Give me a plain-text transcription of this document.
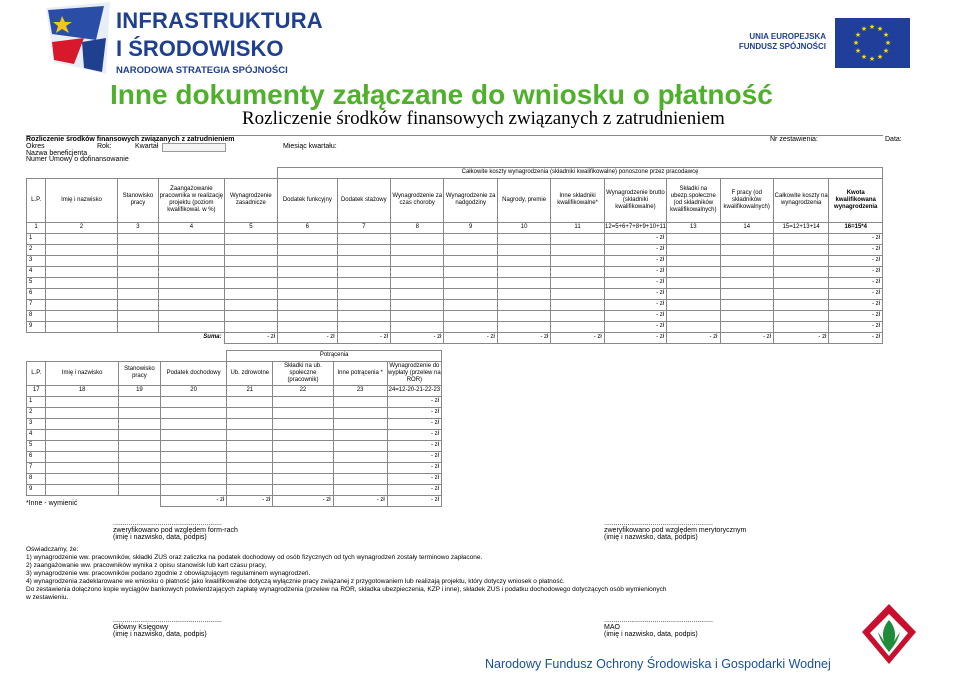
INFRASTRUKTURA
I ŚRODOWISKO
NARODOWA STRATEGIA SPÓJNOŚCI
UNIA EUROPEJSKA
FUNDUSZ SPÓJNOŚCI
★ ★
★
★
★
★
★
★
★
★
★
★
Inne dokumenty załączane do wniosku o płatność
Rozliczenie środków finansowych związanych z zatrudnieniem
Rozliczenie środków finansowych związanych z zatrudnieniem
Okres	Rok:	Kwartał	Miesiąc kwartału:
Nr zestawienia:	Data:
Nazwa beneficjenta
Numer Umowy o dofinansowanie
					Całkowite koszty wynagrodzenia (składniki kwalifikowalne) ponoszone przez pracodawcę										
L.P.	Imię i nazwisko	Stanowisko pracy	Zaangażowanie pracownika w realizację projektu (poziom kwalifikowal. w %)	Wynagrodzenie zasadnicze	Dodatek funkcyjny	Dodatek stażowy	Wynagrodzenie za czas choroby	Wynagrodzenie za nadgodziny	Nagrody, premie	Inne składniki kwalifikowalne*	Wynagrodzenie brutto (składniki kwalifikowalne)	Składki na ubezp.społeczne (od składników kwalifikowalnych)	F pracy (od składników kwalifikowalnych)	Całkowite koszty na wynagrodzenia	Kwota kwalifikowana wynagrodzenia
1	2	3	4	5	6	7	8	9	10	11	12=5+6+7+8+9+10+11	13	14	15=12+13+14	16=15*4
1											- zł				- zł
2											- zł				- zł
3											- zł				- zł
4											- zł				- zł
5											- zł				- zł
6											- zł				- zł
7											- zł				- zł
8											- zł				- zł
9											- zł				- zł
			Suma:	- zł	- zł	- zł	- zł	- zł	- zł	- zł	- zł	- zł	- zł	- zł	- zł
				Potrącenia			
L.P.	Imię i nazwisko	Stanowisko pracy	Podatek dochodowy	Ub. zdrowotne	Składki na ub. społeczne (pracownik)	Inne potrącenia *	Wynagrodzenie do wypłaty (przelew na ROR)
17	18	19	20	21	22	23	24=12-20-21-22-23
1							- zł
2							- zł
3							- zł
4							- zł
5							- zł
6							- zł
7							- zł
8							- zł
9							- zł
			- zł	- zł	- zł	- zł	- zł
*Inne - wymienić
........................................................
zweryfikowano pod względem form-rach
(imię i nazwisko, data, podpis)
........................................................
zweryfikowano pod względem merytorycznym
(imię i nazwisko, data, podpis)
Oświadczamy, że:
1) wynagrodzenie ww. pracowników, składki ZUS oraz zaliczka na podatek dochodowy od osób fizycznych od tych wynagrodzeń zostały terminowo zapłacone.
2) zaangażowanie ww. pracowników wynika z opisu stanowisk lub kart czasu pracy,
3) wynagrodzenie ww. pracowników podano zgodnie z obowiązującym regulaminem wynagrodzeń.
4) wynagrodzenia zadeklarowane we wniosku o płatność jako kwalifikowalne dotyczą wyłącznie pracy związanej z przygotowaniem lub realizają projektu, który dotyczy wniosek o płatność.
Do zestawienia dołączono kopie wyciągów bankowych potwierdzających zapłatę wynagrodzenia (przelew na ROR, składka ubezpieczenia, KZP i inne), składek ZUS i podatku dochodowego dotyczących osób wymienionych
w zestawieniu.
........................................................
Główny Księgowy
(imię i nazwisko, data, podpis)
........................................................
MAO
(imię i nazwisko, data, podpis)
Narodowy Fundusz Ochrony Środowiska i Gospodarki Wodnej
